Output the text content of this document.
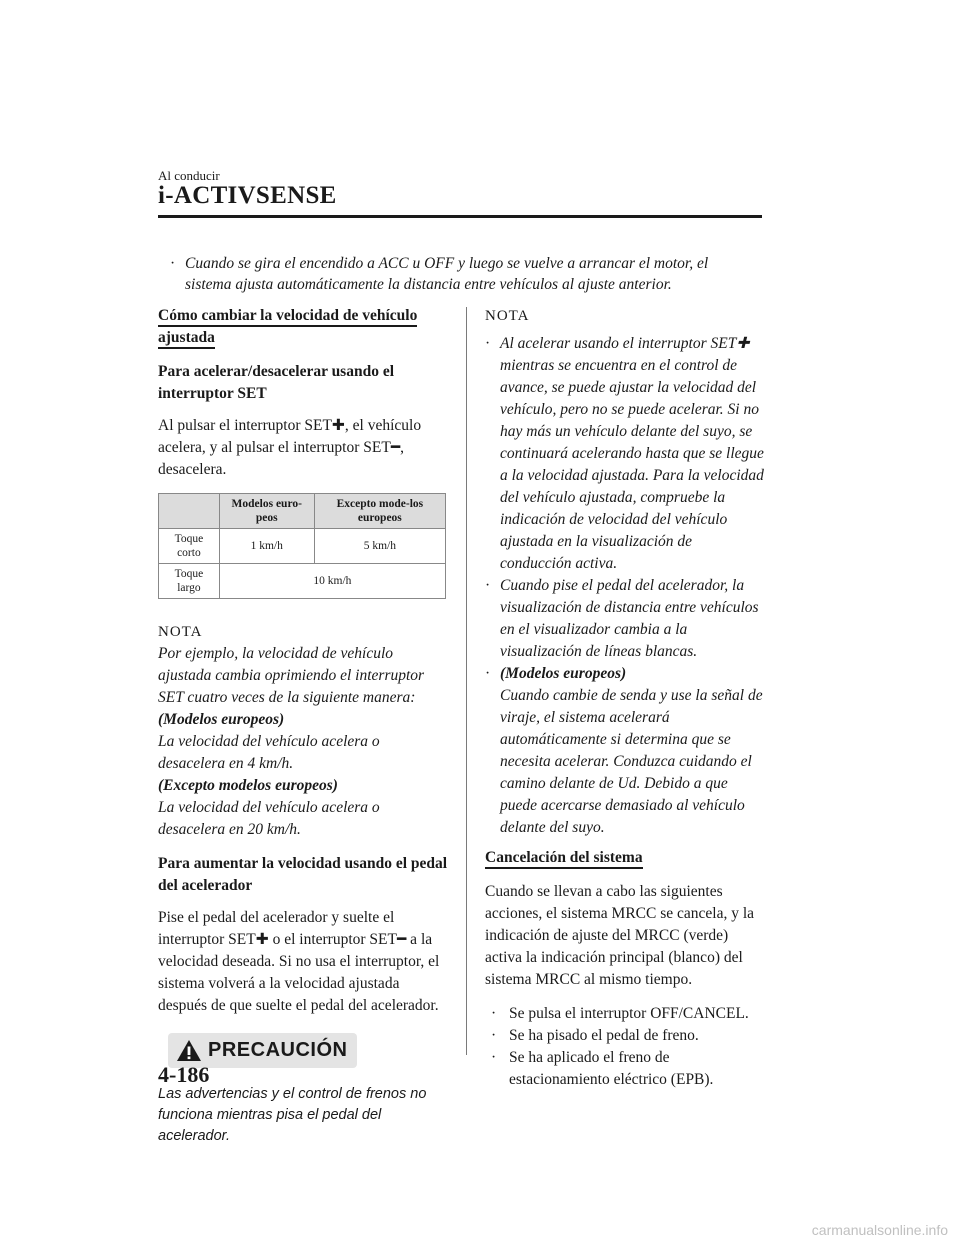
Al conducir
i-ACTIVSENSE
· Cuando se gira el encendido a ACC u OFF y luego se vuelve a arrancar el motor, el sistema ajusta automáticamente la distancia entre vehículos al ajuste anterior.
Cómo cambiar la velocidad de vehículo ajustada
Para acelerar/desacelerar usando el interruptor SET
Al pulsar el interruptor SET✚, el vehículo acelera, y al pulsar el interruptor SET━, desacelera.
	Modelos euro-peos	Excepto mode-los europeos
Toque corto	1 km/h	5 km/h
Toque largo	10 km/h	
NOTA
Por ejemplo, la velocidad de vehículo ajustada cambia oprimiendo el interruptor SET cuatro veces de la siguiente manera:
(Modelos europeos)
La velocidad del vehículo acelera o desacelera en 4 km/h.
(Excepto modelos europeos)
La velocidad del vehículo acelera o desacelera en 20 km/h.
Para aumentar la velocidad usando el pedal del acelerador
Pise el pedal del acelerador y suelte el interruptor SET✚ o el interruptor SET━ a la velocidad deseada. Si no usa el interruptor, el sistema volverá a la velocidad ajustada después de que suelte el pedal del acelerador.
PRECAUCIÓN

Las advertencias y el control de frenos no funciona mientras pisa el pedal del acelerador.

NOTA
· Al acelerar usando el interruptor SET✚ mientras se encuentra en el control de avance, se puede ajustar la velocidad del vehículo, pero no se puede acelerar. Si no hay más un vehículo delante del suyo, se continuará acelerando hasta que se llegue a la velocidad ajustada. Para la velocidad del vehículo ajustada, compruebe la indicación de velocidad del vehículo ajustada en la visualización de conducción activa.
· Cuando pise el pedal del acelerador, la visualización de distancia entre vehículos en el visualizador cambia a la visualización de líneas blancas.
· (Modelos europeos)
Cuando cambie de senda y use la señal de viraje, el sistema acelerará automáticamente si determina que se necesita acelerar. Conduzca cuidando el camino delante de Ud. Debido a que puede acercarse demasiado al vehículo delante del suyo.
Cancelación del sistema
Cuando se llevan a cabo las siguientes acciones, el sistema MRCC se cancela, y la indicación de ajuste del MRCC (verde) activa la indicación principal (blanco) del sistema MRCC al mismo tiempo.
· Se pulsa el interruptor OFF/CANCEL.
· Se ha pisado el pedal de freno.
· Se ha aplicado el freno de estacionamiento eléctrico (EPB).
4-186
carmanualsonline.info
